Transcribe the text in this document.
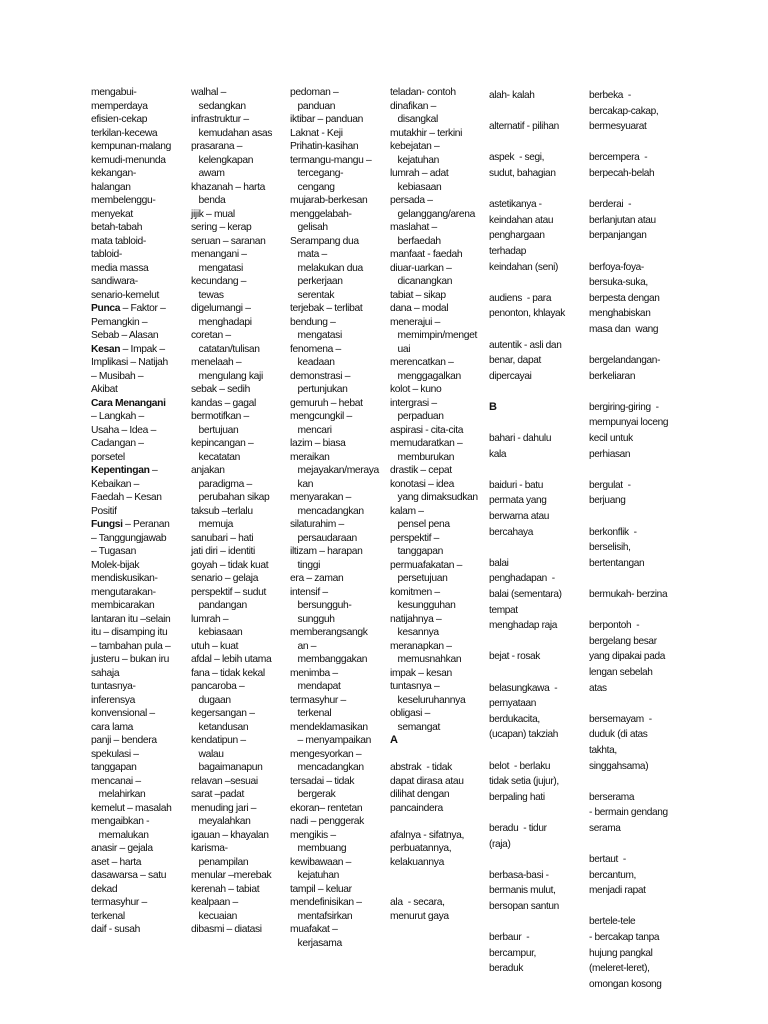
mengabui-
memperdaya
efisien-cekap
terkilan-kecewa
kempunan-malang
kemudi-menunda
kekangan-
halangan
membelenggu-
menyekat
betah-tabah
mata tabloid-
tabloid-
media massa
sandiwara-
senario-kemelut
Punca – Faktor –
Pemangkin –
Sebab – Alasan
Kesan – Impak –
Implikasi – Natijah
– Musibah –
Akibat
Cara Menangani
– Langkah –
Usaha – Idea –
Cadangan –
porsetel
Kepentingan –
Kebaikan –
Faedah – Kesan
Positif
Fungsi – Peranan
– Tanggungjawab
– Tugasan
Molek-bijak
mendiskusikan-
mengutarakan-
membicarakan
lantaran itu –selain
itu – disamping itu
– tambahan pula –
justeru – bukan iru
sahaja
tuntasnya-
inferensya
konvensional –
cara lama
panji – bendera
spekulasi –
tanggapan
mencanai –
melahirkan
kemelut – masalah
mengaibkan -
memalukan
anasir – gejala
aset – harta
dasawarsa – satu
dekad
termasyhur –
terkenal
daif - susah
walhal –
sedangkan
infrastruktur –
kemudahan asas
prasarana –
kelengkapan
awam
khazanah – harta
benda
jijik – mual
sering – kerap
seruan – saranan
menangani –
mengatasi
kecundang –
tewas
digelumangi –
menghadapi
coretan –
catatan/tulisan
menelaah –
mengulang kaji
sebak – sedih
kandas – gagal
bermotifkan –
bertujuan
kepincangan –
kecatatan
anjakan
paradigma –
perubahan sikap
taksub –terlalu
memuja
sanubari – hati
jati diri – identiti
goyah – tidak kuat
senario – gelaja
perspektif – sudut
pandangan
lumrah –
kebiasaan
utuh – kuat
afdal – lebih utama
fana – tidak kekal
pancaroba –
dugaan
kegersangan –
ketandusan
kendatipun –
walau
bagaimanapun
relavan –sesuai
sarat –padat
menuding jari –
meyalahkan
igauan – khayalan
karisma-
penampilan
menular –merebak
kerenah – tabiat
kealpaan –
kecuaian
dibasmi – diatasi
pedoman –
panduan
iktibar – panduan
Laknat - Keji
Prihatin-kasihan
termangu-mangu –
tercegang-
cengang
mujarab-berkesan
menggelabah-
gelisah
Serampang dua
mata –
melakukan dua
perkerjaan
serentak
terjebak – terlibat
bendung –
mengatasi
fenomena –
keadaan
demonstrasi –
pertunjukan
gemuruh – hebat
mengcungkil –
mencari
lazim – biasa
meraikan
mejayakan/meraya
kan
menyarakan –
mencadangkan
silaturahim –
persaudaraan
iltizam – harapan
tinggi
era – zaman
intensif –
bersungguh-
sungguh
memberangsangk
an –
membanggakan
menimba –
mendapat
termasyhur –
terkenal
mendeklamasikan
– menyampaikan
mengesyorkan –
mencadangkan
tersadai – tidak
bergerak
ekoran– rentetan
nadi – penggerak
mengikis –
membuang
kewibawaan –
kejatuhan
tampil – keluar
mendefinisikan –
mentafsirkan
muafakat –
kerjasama
teladan- contoh
dinafikan –
disangkal
mutakhir – terkini
kebejatan –
kejatuhan
lumrah – adat
kebiasaan
persada –
gelanggang/arena
maslahat –
berfaedah
manfaat - faedah
diuar-uarkan –
dicanangkan
tabiat – sikap
dana – modal
menerajui –
memimpin/menget
uai
merencatkan –
menggagalkan
kolot – kuno
intergrasi –
perpaduan
aspirasi - cita-cita
memudaratkan –
memburukan
drastik – cepat
konotasi – idea
yang dimaksudkan
kalam –
pensel pena
perspektif –
tanggapan
permuafakatan –
persetujuan
komitmen –
kesungguhan
natijahnya –
kesannya
meranapkan –
memusnahkan
impak – kesan
tuntasnya –
keseluruhannya
obligasi –
semangat
A

abstrak  - tidak
dapat dirasa atau
dilihat dengan
pancaindera

afalnya - sifatnya,
perbuatannya,
kelakuannya

ala  - secara,
menurut gaya
alah- kalah

alternatif - pilihan

aspek  - segi,
sudut, bahagian

astetikanya -
keindahan atau
penghargaan
terhadap
keindahan (seni)

audiens  - para
penonton, khlayak

autentik - asli dan
benar, dapat
dipercayai

B

bahari - dahulu
kala

baiduri - batu
permata yang
berwarna atau
bercahaya

balai
penghadapan  -
balai (sementara)
tempat
menghadap raja

bejat - rosak

belasungkawa  -
pernyataan
berdukacita,
(ucapan) takziah

belot  - berlaku
tidak setia (jujur),
berpaling hati

beradu  - tidur
(raja)

berbasa-basi -
bermanis mulut,
bersopan santun

berbaur  -
bercampur,
beraduk
berbeka  -
bercakap-cakap,
bermesyuarat

bercempera  -
berpecah-belah

berderai  -
berlanjutan atau
berpanjangan

berfoya-foya-
bersuka-suka,
berpesta dengan
menghabiskan
masa dan  wang

bergelandangan-
berkeliaran

bergiring-giring  -
mempunyai loceng
kecil untuk
perhiasan

bergulat  -
berjuang

berkonflik  -
berselisih,
bertentangan

bermukah- berzina

berpontoh  -
bergelang besar
yang dipakai pada
lengan sebelah
atas

bersemayam  -
duduk (di atas
takhta,
singgahsama)

berserama
- bermain gendang
serama

bertaut  -
bercantum,
menjadi rapat

bertele-tele
- bercakap tanpa
hujung pangkal
(meleret-leret),
omongan kosong
